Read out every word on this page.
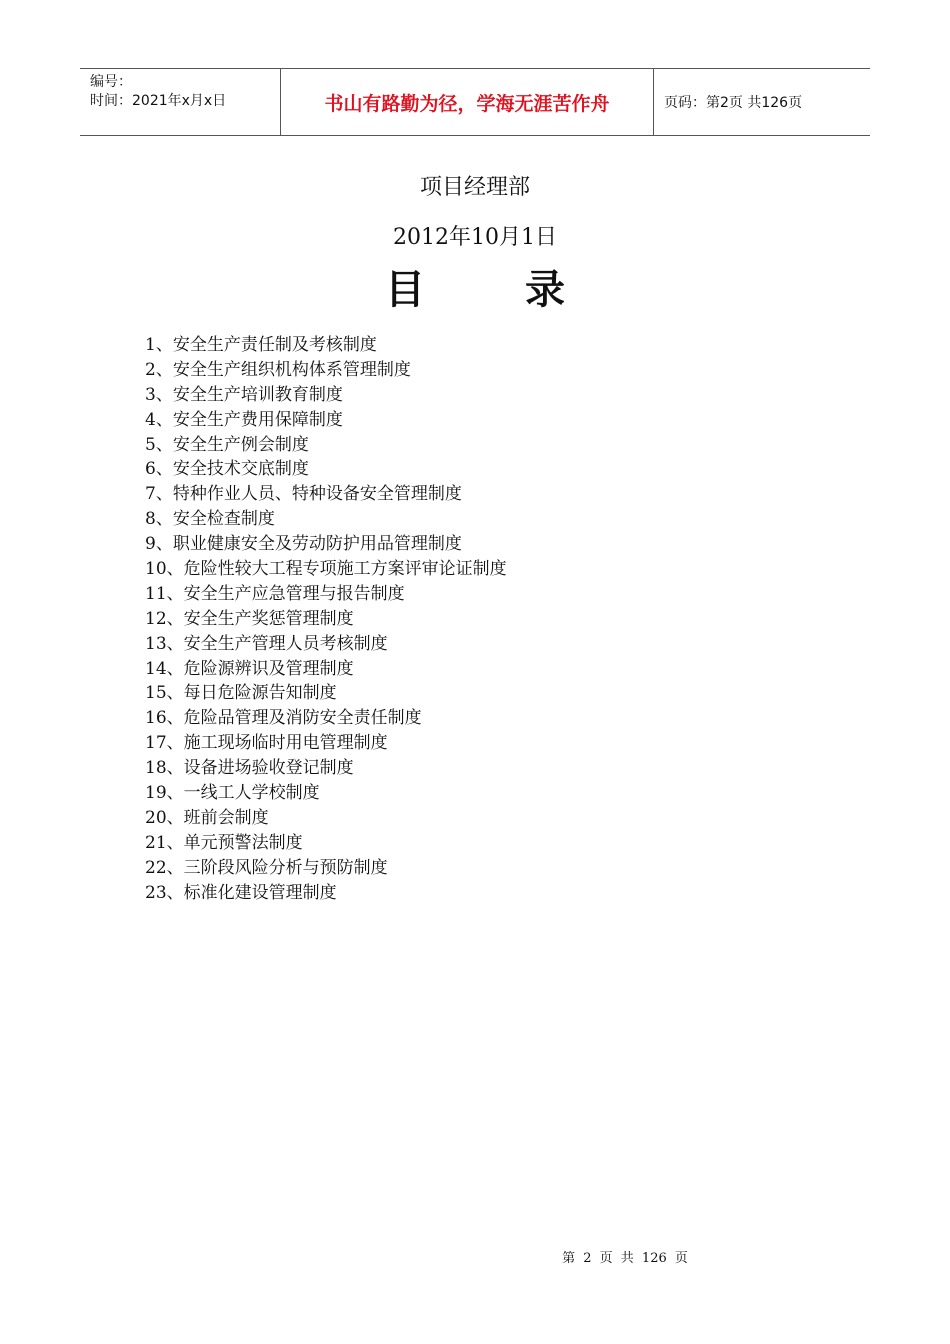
编号：
时间：2021年x月x日	书山有路勤为径，学海无涯苦作舟	页码：第2页 共126页
项目经理部
2012年10月1日
目录
1、安全生产责任制及考核制度
2、安全生产组织机构体系管理制度
3、安全生产培训教育制度
4、安全生产费用保障制度
5、安全生产例会制度
6、安全技术交底制度
7、特种作业人员、特种设备安全管理制度
8、安全检查制度
9、职业健康安全及劳动防护用品管理制度
10、危险性较大工程专项施工方案评审论证制度
11、安全生产应急管理与报告制度
12、安全生产奖惩管理制度
13、安全生产管理人员考核制度
14、危险源辨识及管理制度
15、每日危险源告知制度
16、危险品管理及消防安全责任制度
17、施工现场临时用电管理制度
18、设备进场验收登记制度
19、一线工人学校制度
20、班前会制度
21、单元预警法制度
22、三阶段风险分析与预防制度
23、标准化建设管理制度
第 2 页 共 126 页
